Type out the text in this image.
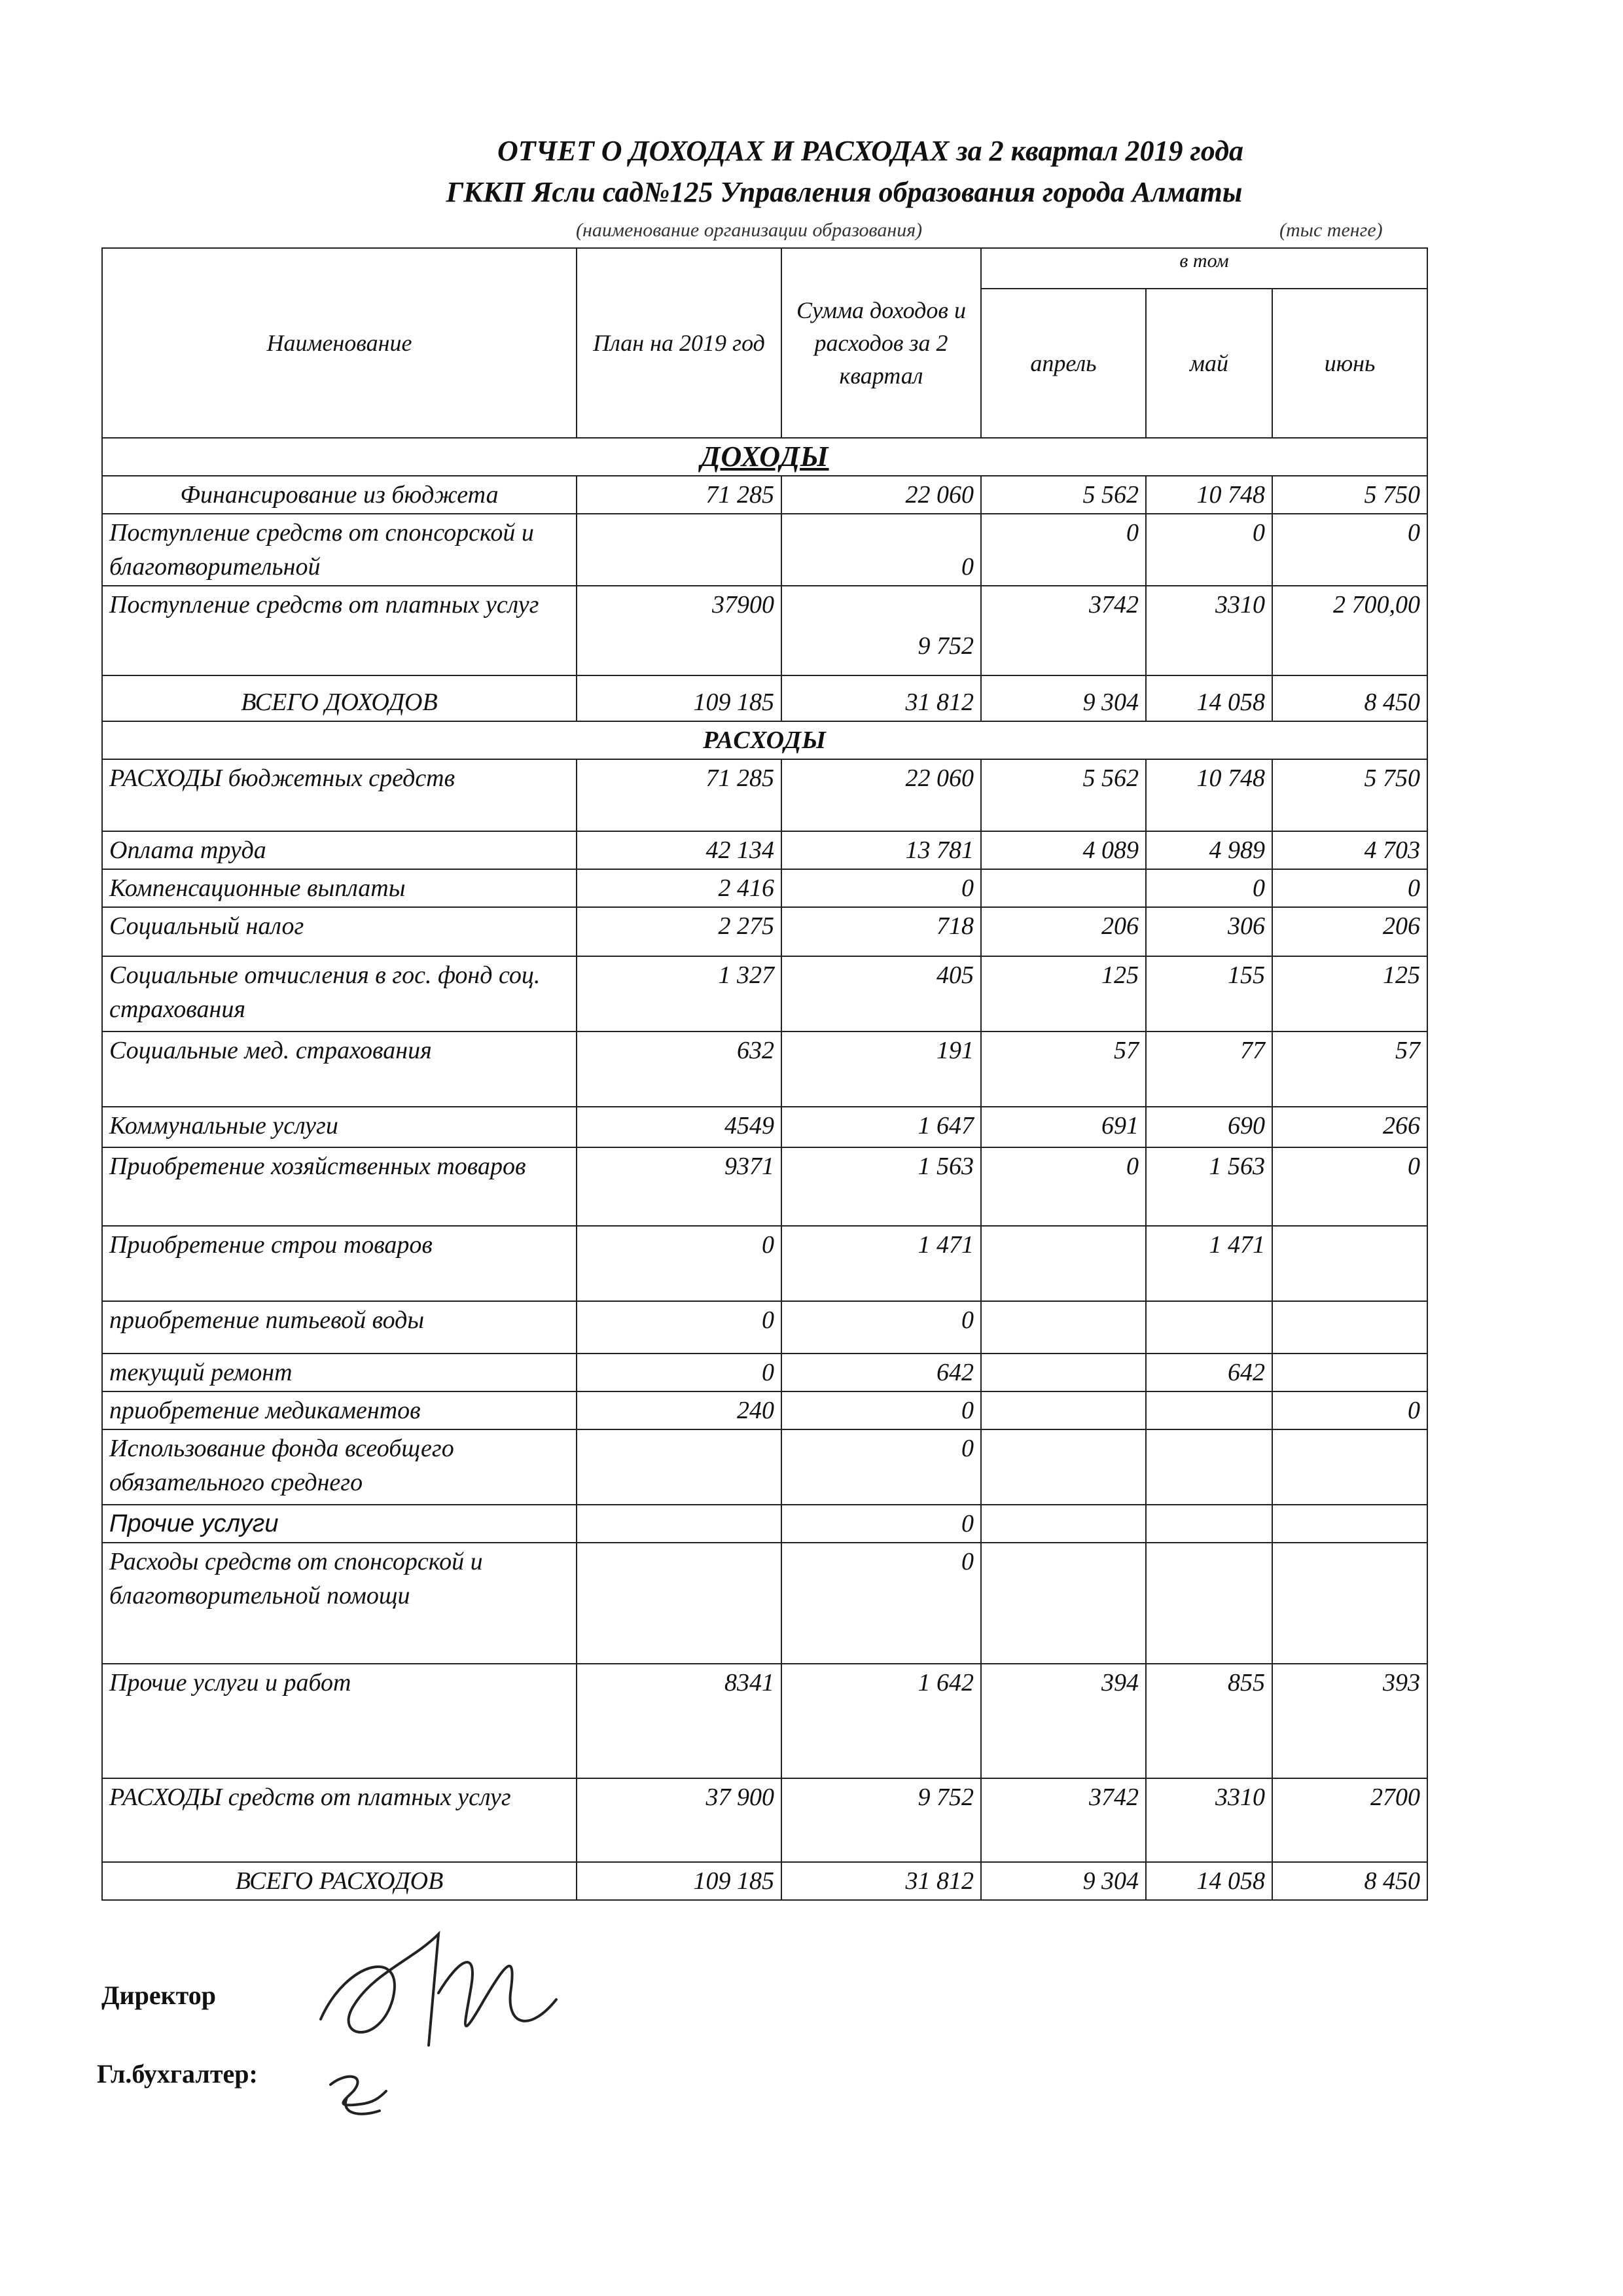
ОТЧЕТ О ДОХОДАХ И РАСХОДАХ за 2 квартал 2019 года
ГККП Ясли сад№125 Управления образования города Алматы
(наименование организации образования)	(тыс тенге)
Наименование	План на 2019 год	Сумма доходов и расходов за 2 квартал	в том		
			апрель	май	июнь
ДОХОДЫ					
Финансирование из бюджета	71 285	22 060	5 562	10 748	5 750
Поступление средств от спонсорской и благотворительной		0	0	0	0
Поступление средств от платных услуг	37900	9 752	3742	3310	2 700,00
ВСЕГО ДОХОДОВ	109 185	31 812	9 304	14 058	8 450
РАСХОДЫ					
РАСХОДЫ бюджетных средств	71 285	22 060	5 562	10 748	5 750
Оплата труда	42 134	13 781	4 089	4 989	4 703
Компенсационные выплаты	2 416	0		0	0
Социальный налог	2 275	718	206	306	206
Социальные отчисления в гос. фонд соц. страхования	1 327	405	125	155	125
Социальные мед. страхования	632	191	57	77	57
Коммунальные услуги	4549	1 647	691	690	266
Приобретение хозяйственных товаров	9371	1 563	0	1 563	0
Приобретение строи товаров	0	1 471		1 471	
приобретение питьевой воды	0	0			
текущий ремонт	0	642		642	
приобретение медикаментов	240	0			0
Использование фонда всеобщего обязательного среднего		0			
Прочие услуги		0			
Расходы средств от спонсорской и благотворительной помощи		0			
Прочие услуги и работ	8341	1 642	394	855	393
РАСХОДЫ средств от платных услуг	37 900	9 752	3742	3310	2700
ВСЕГО РАСХОДОВ	109 185	31 812	9 304	14 058	8 450
Директор
Гл.бухгалтер:
